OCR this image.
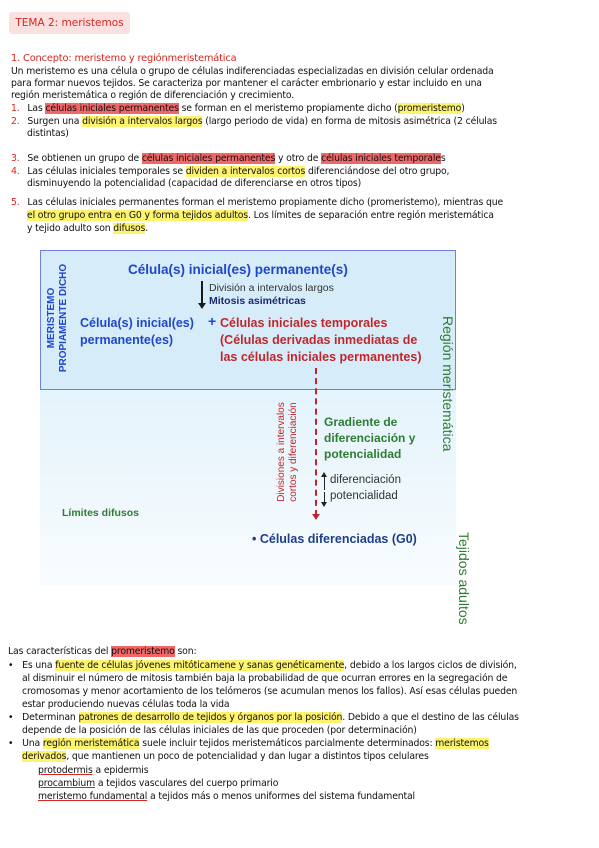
TEMA 2: meristemos
1. Concepto: meristemo y regiónmeristemática
Un meristemo es una célula o grupo de células indiferenciadas especializadas en división celular ordenada
para formar nuevos tejidos. Se caracteriza por mantener el carácter embrionario y estar incluido en una
región meristemática o región de diferenciación y crecimiento.
1. Las células iniciales permanentes se forman en el meristemo propiamente dicho (promeristemo)
2. Surgen una división a intervalos largos (largo periodo de vida) en forma de mitosis asimétrica (2 células
distintas)
3. Se obtienen un grupo de células iniciales permanentes y otro de células iniciales temporales
4. Las células iniciales temporales se dividen a intervalos cortos diferenciándose del otro grupo,
disminuyendo la potencialidad (capacidad de diferenciarse en otros tipos)
5. Las células iniciales permanentes forman el meristemo propiamente dicho (promeristemo), mientras que
el otro grupo entra en G0 y forma tejidos adultos. Los límites de separación entre región meristemática
y tejido adulto son difusos.
MERISTEMO PROPIAMENTE DICHO	Célula(s) inicial(es) permanente(s)
División a intervalos largos
Mitosis asimétricas
Célula(s) inicial(es)
permanente(es)
+ Células iniciales temporales
(Células derivadas inmediatas de
las células iniciales permanentes)
Divisiones a intervalos cortos y diferenciación Gradiente de
diferenciación y
potencialidad
diferenciación
potencialidad
Límites difusos
• Células diferenciadas (G0)
Región meristemática
Tejidos adultos
Las características del promeristemo son:
• Es una fuente de células jóvenes mitóticamene y sanas genéticamente, debido a los largos ciclos de división,
al disminuir el número de mitosis también baja la probabilidad de que ocurran errores en la segregación de
cromosomas y menor acortamiento de los telómeros (se acumulan menos los fallos). Así esas células pueden
estar produciendo nuevas células toda la vida
• Determinan patrones de desarrollo de tejidos y órganos por la posición. Debido a que el destino de las células
depende de la posición de las células iniciales de las que proceden (por determinación)
• Una región meristemática suele incluir tejidos meristemáticos parcialmente determinados: meristemos
derivados, que mantienen un poco de potencialidad y dan lugar a distintos tipos celulares
protodermis a epidermis
procambium a tejidos vasculares del cuerpo primario
meristemo fundamental a tejidos más o menos uniformes del sistema fundamental
